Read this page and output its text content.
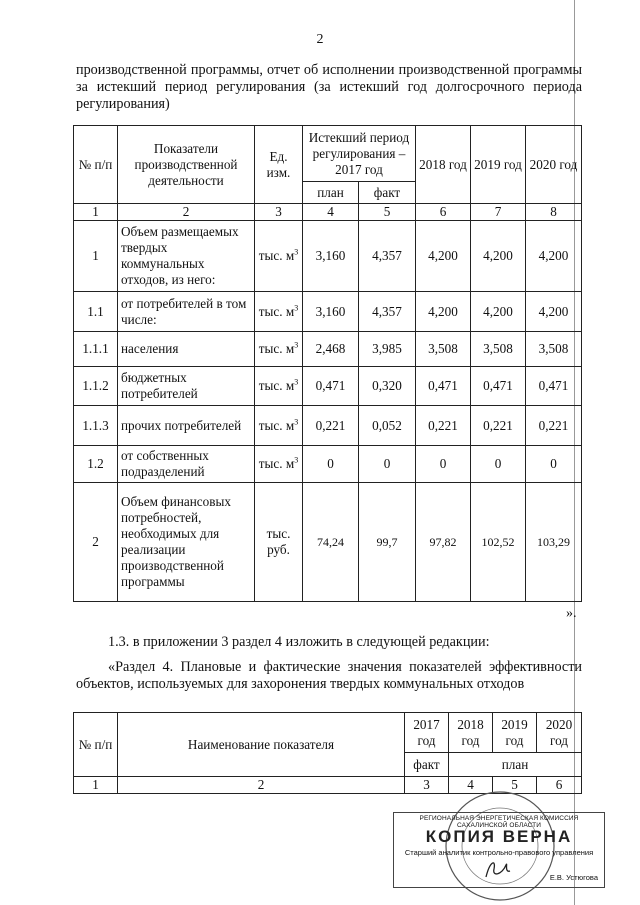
2
производственной программы, отчет об исполнении производственной программы за истекший период регулирования (за истекший год долгосрочного периода регулирования)
№ п/п	Показатели производственной деятельности	Ед. изм.	Истекший период регулирования – 2017 год		2018 год	2019 год	2020 год
			план	факт			
1	2	3	4	5	6	7	8
1	Объем размещаемых твердых коммунальных отходов, из него:	тыс. $м^3$	3,160	4,357	4,200	4,200	4,200
1.1	от потребителей в том числе:	тыс. $м^3$	3,160	4,357	4,200	4,200	4,200
1.1.1	населения	тыс. $м^3$	2,468	3,985	3,508	3,508	3,508
1.1.2	бюджетных потребителей	тыс. $м^3$	0,471	0,320	0,471	0,471	0,471
1.1.3	прочих потребителей	тыс. $м^3$	0,221	0,052	0,221	0,221	0,221
1.2	от собственных подразделений	тыс. $м^3$	0	0	0	0	0
2	Объем финансовых потребностей, необходимых для реализации производственной программы	тыс. руб.	74,24	99,7	97,82	102,52	103,29
».
1.3. в приложении 3 раздел 4 изложить в следующей редакции:
«Раздел 4. Плановые и фактические значения показателей эффективности объектов, используемых для захоронения твердых коммунальных отходов
№ п/п	Наименование показателя	2017 год	2018 год	2019 год	2020 год
		факт	план		
1	2	3	4	5	6
РЕГИОНАЛЬНАЯ ЭНЕРГЕТИЧЕСКАЯ КОМИССИЯ САХАЛИНСКОЙ ОБЛАСТИ
КОПИЯ ВЕРНА
Старший аналитик контрольно-правового управления
Е.В. Устюгова
